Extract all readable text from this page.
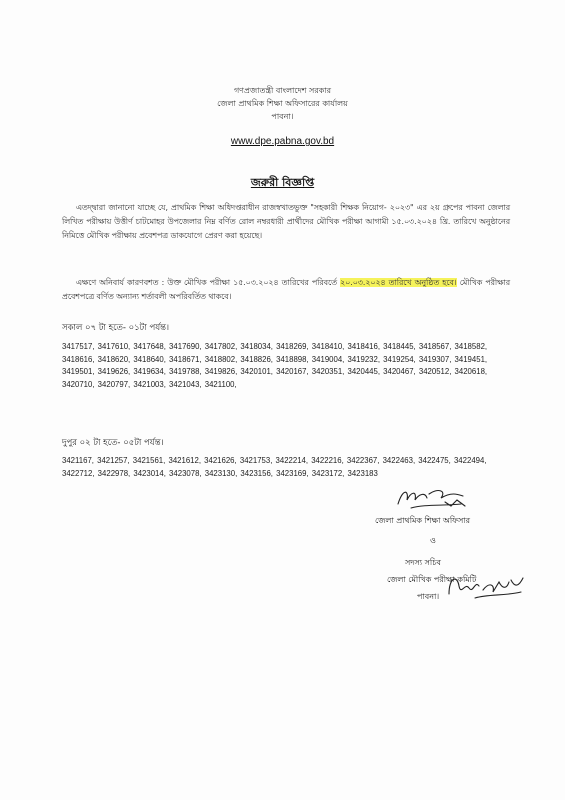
গণপ্রজাতন্ত্রী বাংলাদেশ সরকার
জেলা প্রাথমিক শিক্ষা অফিসারের কার্যালয়
পাবনা।
www.dpe.pabna.gov.bd
জরুরী বিজ্ঞপ্তি
এতদ্দ্বারা জানানো যাচ্ছে যে, প্রাথমিক শিক্ষা অধিদপ্তরাধীন রাজস্বখাতভুক্ত "সহকারী শিক্ষক নিয়োগ- ২০২৩" এর ২য় গ্রুপের পাবনা জেলার লিখিত পরীক্ষায় উত্তীর্ণ চাটমোহর উপজেলার নিম্ন বর্ণিত রোল নম্বরধারী প্রার্থীদের মৌখিক পরীক্ষা আগামী ১৫.০৩.২০২৪ খ্রি. তারিখে অনুষ্ঠানের নিমিত্তে মৌখিক পরীক্ষায় প্রবেশপত্র ডাকযোগে প্রেরণ করা হয়েছে।
এক্ষণে অনিবার্য কারণবশত : উক্ত মৌখিক পরীক্ষা ১৫.০৩.২০২৪ তারিখের পরিবর্তে ২০.০৩.২০২৪ তারিখে অনুষ্ঠিত হবে। মৌখিক পরীক্ষার প্রবেশপত্রে বর্ণিত অন্যান্য শর্তাবলী অপরিবর্তিত থাকবে।
সকাল ০৭ টা হতে- ০১টা পর্যন্ত।
3417517, 3417610, 3417648, 3417690, 3417802, 3418034, 3418269, 3418410, 3418416, 3418445, 3418567, 3418582, 3418616, 3418620, 3418640, 3418671, 3418802, 3418826, 3418898, 3419004, 3419232, 3419254, 3419307, 3419451, 3419501, 3419626, 3419634, 3419788, 3419826, 3420101, 3420167, 3420351, 3420445, 3420467, 3420512, 3420618, 3420710, 3420797, 3421003, 3421043, 3421100,
দুপুর ০২ টা হতে- ০৫টা পর্যন্ত।
3421167, 3421257, 3421561, 3421612, 3421626, 3421753, 3422214, 3422216, 3422367, 3422463, 3422475, 3422494, 3422712, 3422978, 3423014, 3423078, 3423130, 3423156, 3423169, 3423172, 3423183
জেলা প্রাথমিক শিক্ষা অফিসার
ও
সদস্য সচিব
জেলা মৌখিক পরীক্ষা কমিটি
পাবনা।
